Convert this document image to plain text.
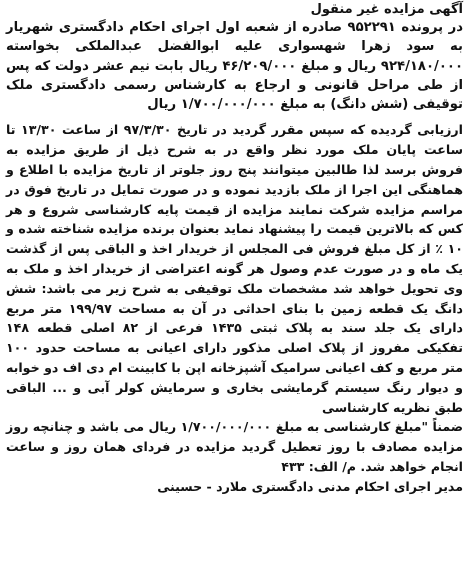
آگهی مزایده غیر منقول

در پرونده ۹۵۲۲۹۱ صادره از شعبه اول اجرای احکام دادگستری شهریار به سود زهرا شهسواری علیه ابوالفضل عبدالملکی بخواسته ۹۲۴/۱۸۰/۰۰۰ ریال و مبلغ ۴۶/۲۰۹/۰۰۰ ریال بابت نیم عشر دولت که پس از طی مراحل قانونی و ارجاع به کارشناس رسمی دادگستری ملک توقیفی (شش دانگ) به مبلغ ۱/۷۰۰/۰۰۰/۰۰۰ ریال

ارزیابی گردیده که سپس مقرر گردید در تاریخ ۹۷/۳/۳۰ از ساعت ۱۳/۳۰ تا ساعت پایان ملک مورد نظر واقع در به شرح ذیل از طریق مزایده به فروش برسد لذا طالبین میتوانند پنج روز جلوتر از تاریخ مزایده با اطلاع و هماهنگی این اجرا از ملک بازدید نموده و در صورت تمایل در تاریخ فوق در مراسم مزایده شرکت نمایند مزایده از قیمت پایه کارشناسی شروع و هر کس که بالاترین قیمت را پیشنهاد نماید بعنوان برنده مزایده شناخته شده و ۱۰ ٪ از کل مبلغ فروش فی المجلس از خریدار اخذ و الباقی پس از گذشت یک ماه و در صورت عدم وصول هر گونه اعتراضی از خریدار اخذ و ملک به وی تحویل خواهد شد مشخصات ملک توقیفی به شرح زیر می باشد: شش دانگ یک قطعه زمین با بنای احداثی در آن به مساحت ۱۹۹/۹۷ متر مربع دارای یک جلد سند به پلاک ثبتی ۱۴۳۵ فرعی از ۸۲ اصلی قطعه ۱۴۸ تفکیکی مفروز از پلاک اصلی مذکور دارای اعیانی به مساحت حدود ۱۰۰ متر مربع و کف اعیانی سرامیک آشپزخانه اپن با کابینت ام دی اف دو خوابه و دیوار رنگ سیستم گرمایشی بخاری و سرمایش کولر آبی و ... الباقی طبق نظریه کارشناسی

ضمناً "مبلغ کارشناسی به مبلغ ۱/۷۰۰/۰۰۰/۰۰۰ ریال می باشد و چنانچه روز مزایده مصادف با روز تعطیل گردید مزایده در فردای همان روز و ساعت انجام خواهد شد. م/ الف: ۴۳۳

مدیر اجرای احکام مدنی دادگستری ملارد - حسینی
